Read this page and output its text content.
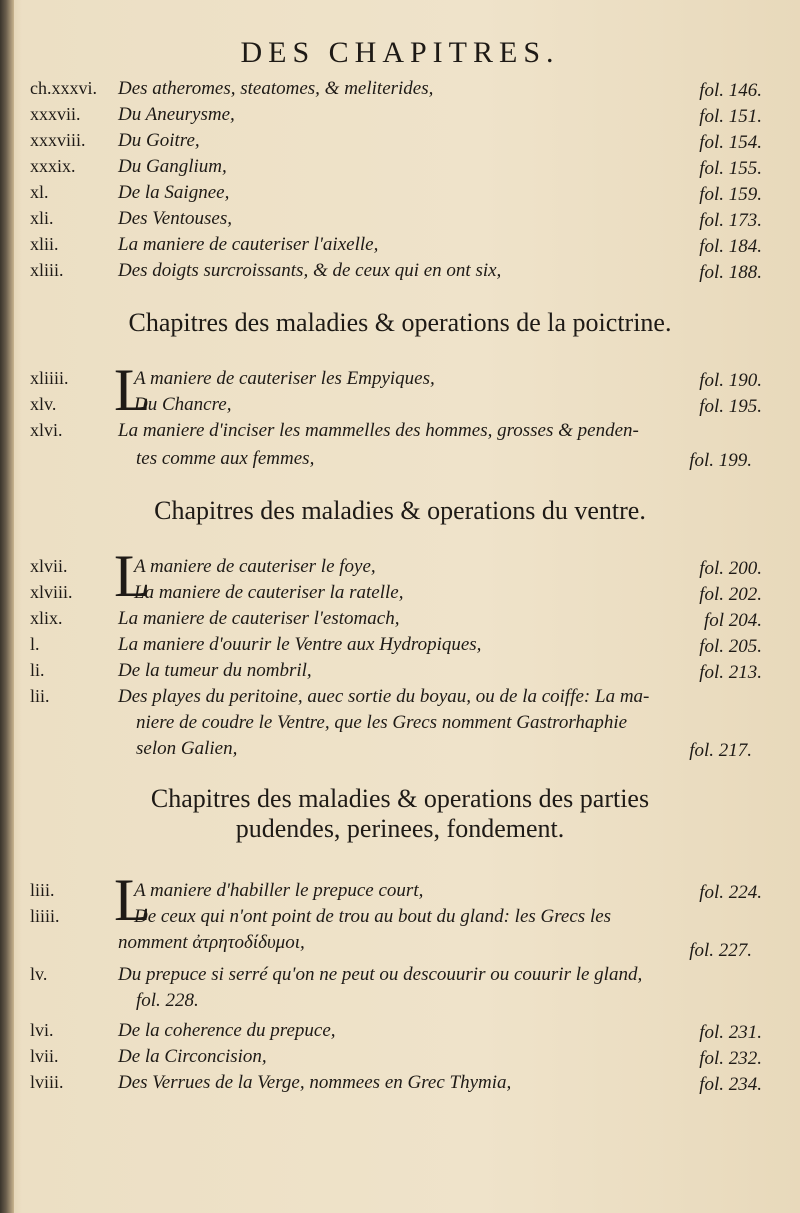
DES CHAPITRES.
ch.xxxvi. Des atheromes, steatomes, & meliterides,	fol. 146.
xxxvii. Du Aneurysme,	fol. 151.
xxxviii. Du Goitre,	fol. 154.
xxxix. Du Ganglium,	fol. 155.
xl.	De la Saignee,	fol. 159.
xli.	Des Ventouses,	fol. 173.
xlii.	La maniere de cauteriser l'aixelle,	fol. 184.
xliii.	Des doigts surcroissants, & de ceux qui en ont six,	fol. 188.
Chapitres des maladies & operations de la poictrine.
L
xliiii.	A maniere de cauteriser les Empyiques,	fol. 190.
xlv.	Du Chancre,	fol. 195.
xlvi.	La maniere d'inciser les mammelles des hommes, grosses & penden-
tes comme aux femmes,	fol. 199.
Chapitres des maladies & operations du ventre.
L
xlvii.	A maniere de cauteriser le foye,	fol. 200.
xlviii.	La maniere de cauteriser la ratelle,	fol. 202.
xlix.	La maniere de cauteriser l'estomach,	fol 204.
l.	La maniere d'ouurir le Ventre aux Hydropiques,	fol. 205.
li.	De la tumeur du nombril,	fol. 213.
lii.	Des playes du peritoine, auec sortie du boyau, ou de la coiffe: La ma-
niere de coudre le Ventre, que les Grecs nomment Gastrorhaphie
selon Galien,	fol. 217.
Chapitres des maladies & operations des parties
pudendes, perinees, fondement.
L
liii.	A maniere d'habiller le prepuce court,	fol. 224.
liiii.	De ceux qui n'ont point de trou au bout du gland: les Grecs les
nomment ἀτρητοδίδυμοι,	fol. 227.
lv.	Du prepuce si serré qu'on ne peut ou descouurir ou couurir le gland,
fol. 228.
lvi.	De la coherence du prepuce,	fol. 231.
lvii.	De la Circoncision,	fol. 232.
lviii.	Des Verrues de la Verge, nommees en Grec Thymia,	fol. 234.
